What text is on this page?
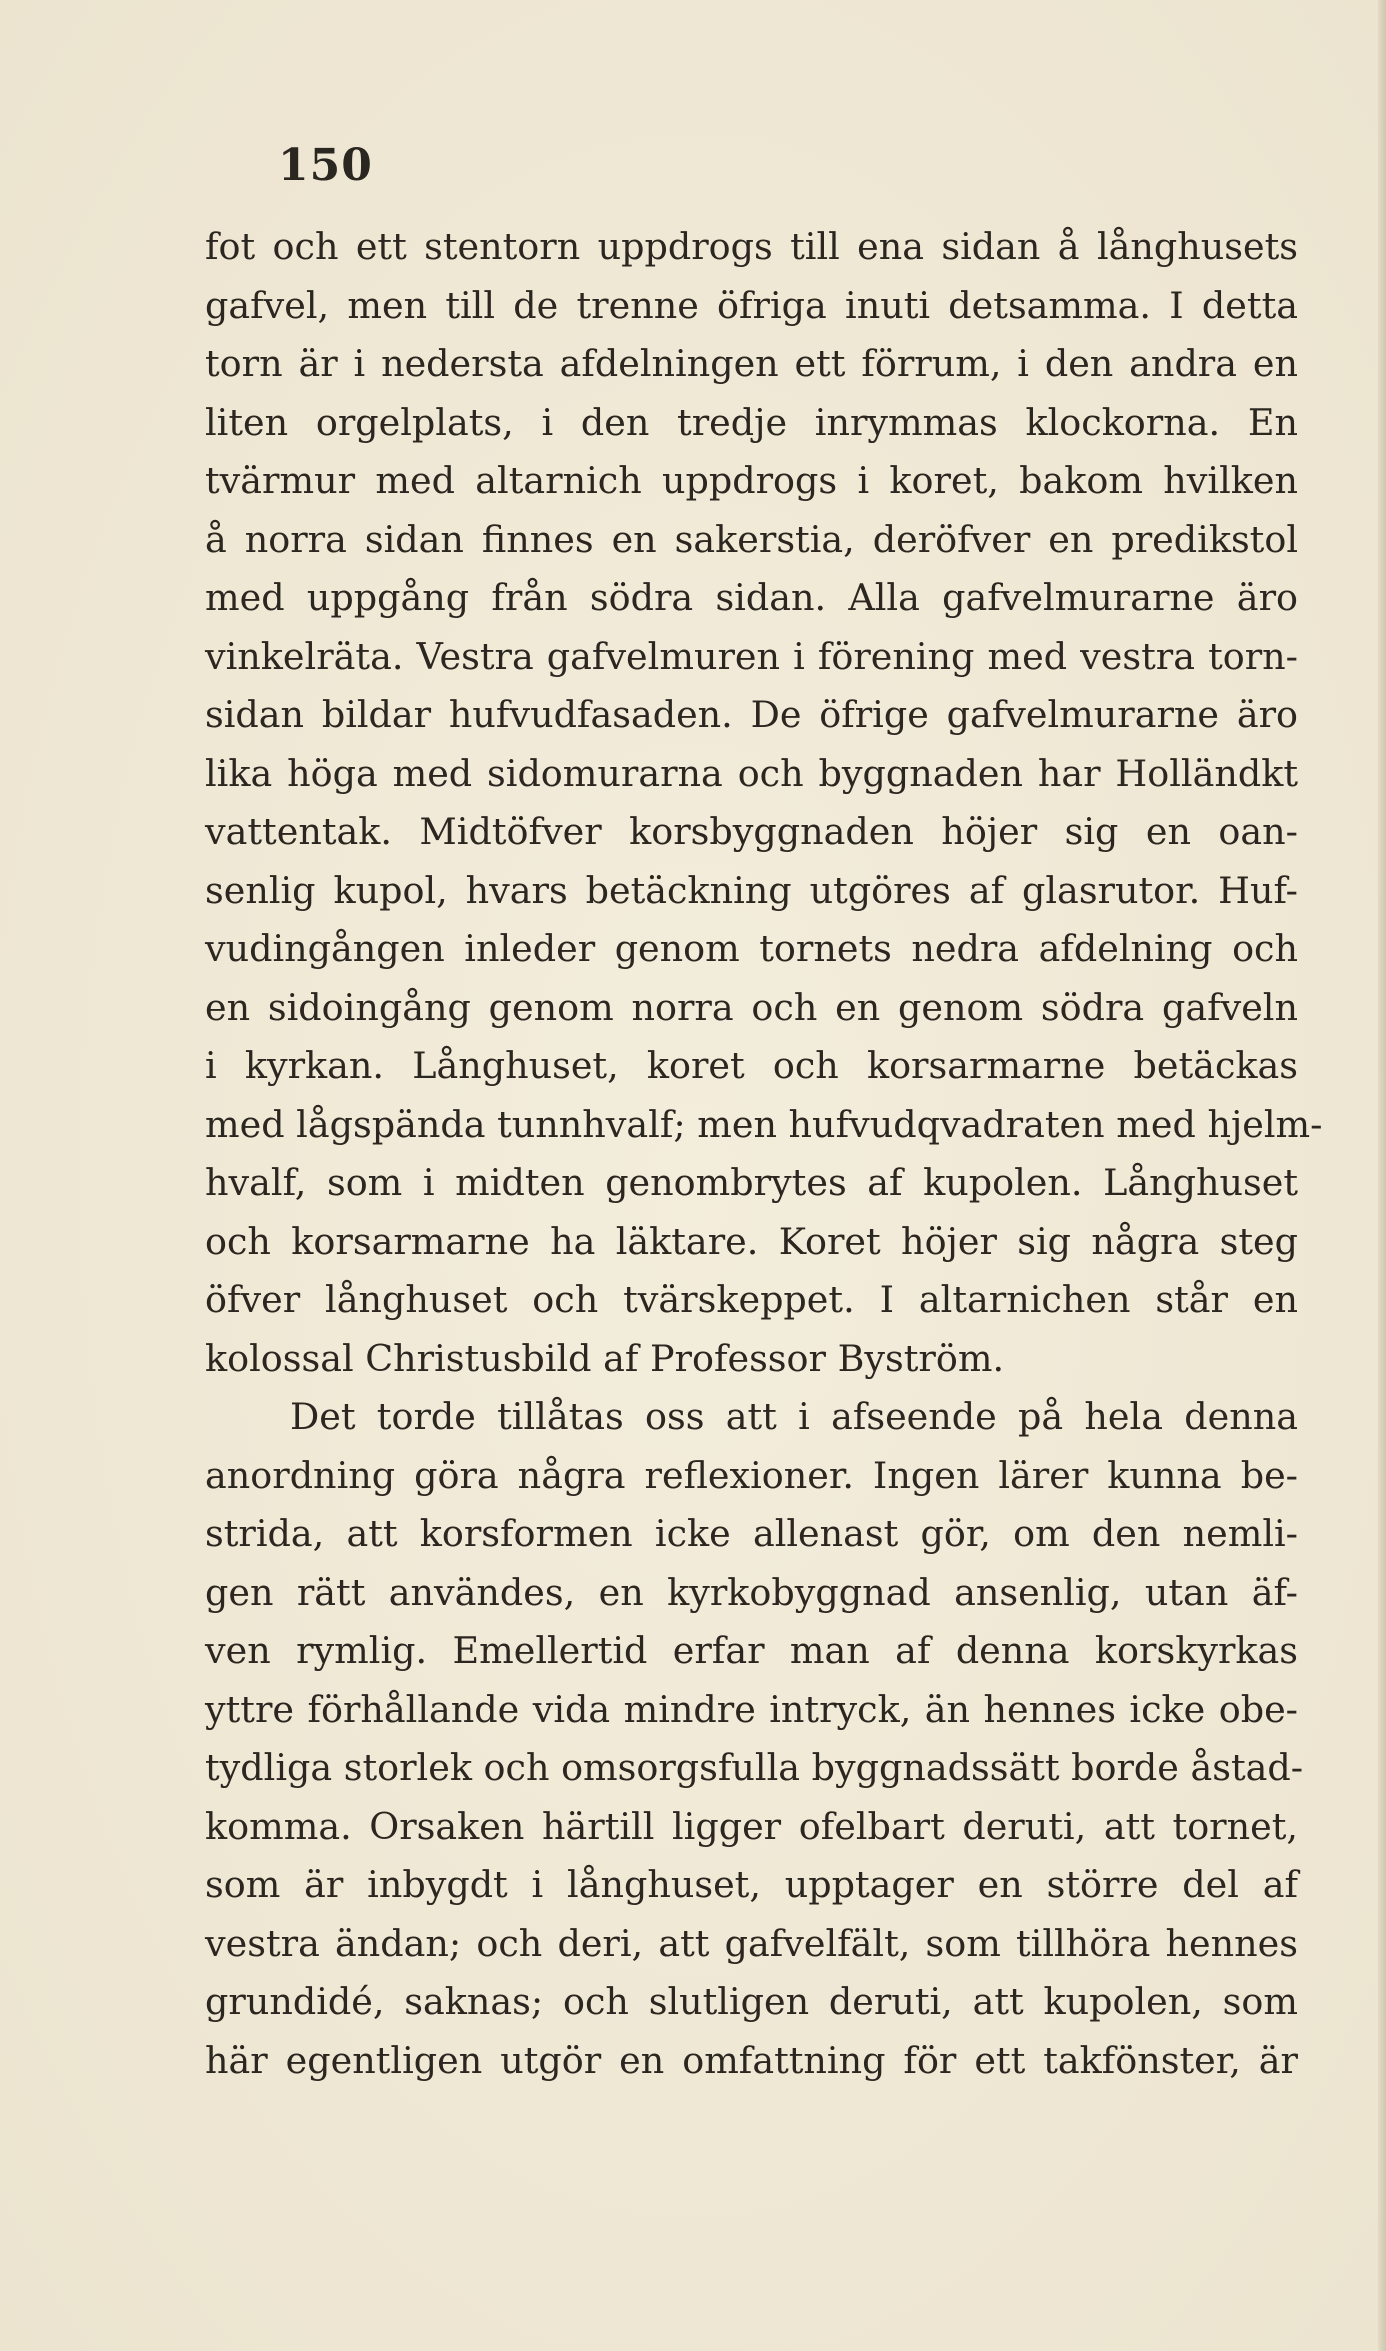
150
fot och ett stentorn uppdrogs till ena sidan å långhusets
gafvel, men till de trenne öfriga inuti detsamma. I detta
torn är i nedersta afdelningen ett förrum, i den andra en
liten orgelplats, i den tredje inrymmas klockorna. En
tvärmur med altarnich uppdrogs i koret, bakom hvilken
å norra sidan finnes en sakerstia, deröfver en predikstol
med uppgång från södra sidan. Alla gafvelmurarne äro
vinkelräta. Vestra gafvelmuren i förening med vestra torn-
sidan bildar hufvudfasaden. De öfrige gafvelmurarne äro
lika höga med sidomurarna och byggnaden har Holländkt
vattentak. Midtöfver korsbyggnaden höjer sig en oan-
senlig kupol, hvars betäckning utgöres af glasrutor. Huf-
vudingången inleder genom tornets nedra afdelning och
en sidoingång genom norra och en genom södra gafveln
i kyrkan. Långhuset, koret och korsarmarne betäckas
med lågspända tunnhvalf; men hufvudqvadraten med hjelm-
hvalf, som i midten genombrytes af kupolen. Långhuset
och korsarmarne ha läktare. Koret höjer sig några steg
öfver långhuset och tvärskeppet. I altarnichen står en
kolossal Christusbild af Professor Byström.
Det torde tillåtas oss att i afseende på hela denna
anordning göra några reflexioner. Ingen lärer kunna be-
strida, att korsformen icke allenast gör, om den nemli-
gen rätt användes, en kyrkobyggnad ansenlig, utan äf-
ven rymlig. Emellertid erfar man af denna korskyrkas
yttre förhållande vida mindre intryck, än hennes icke obe-
tydliga storlek och omsorgsfulla byggnadssätt borde åstad-
komma. Orsaken härtill ligger ofelbart deruti, att tornet,
som är inbygdt i långhuset, upptager en större del af
vestra ändan; och deri, att gafvelfält, som tillhöra hennes
grundidé, saknas; och slutligen deruti, att kupolen, som
här egentligen utgör en omfattning för ett takfönster, är
